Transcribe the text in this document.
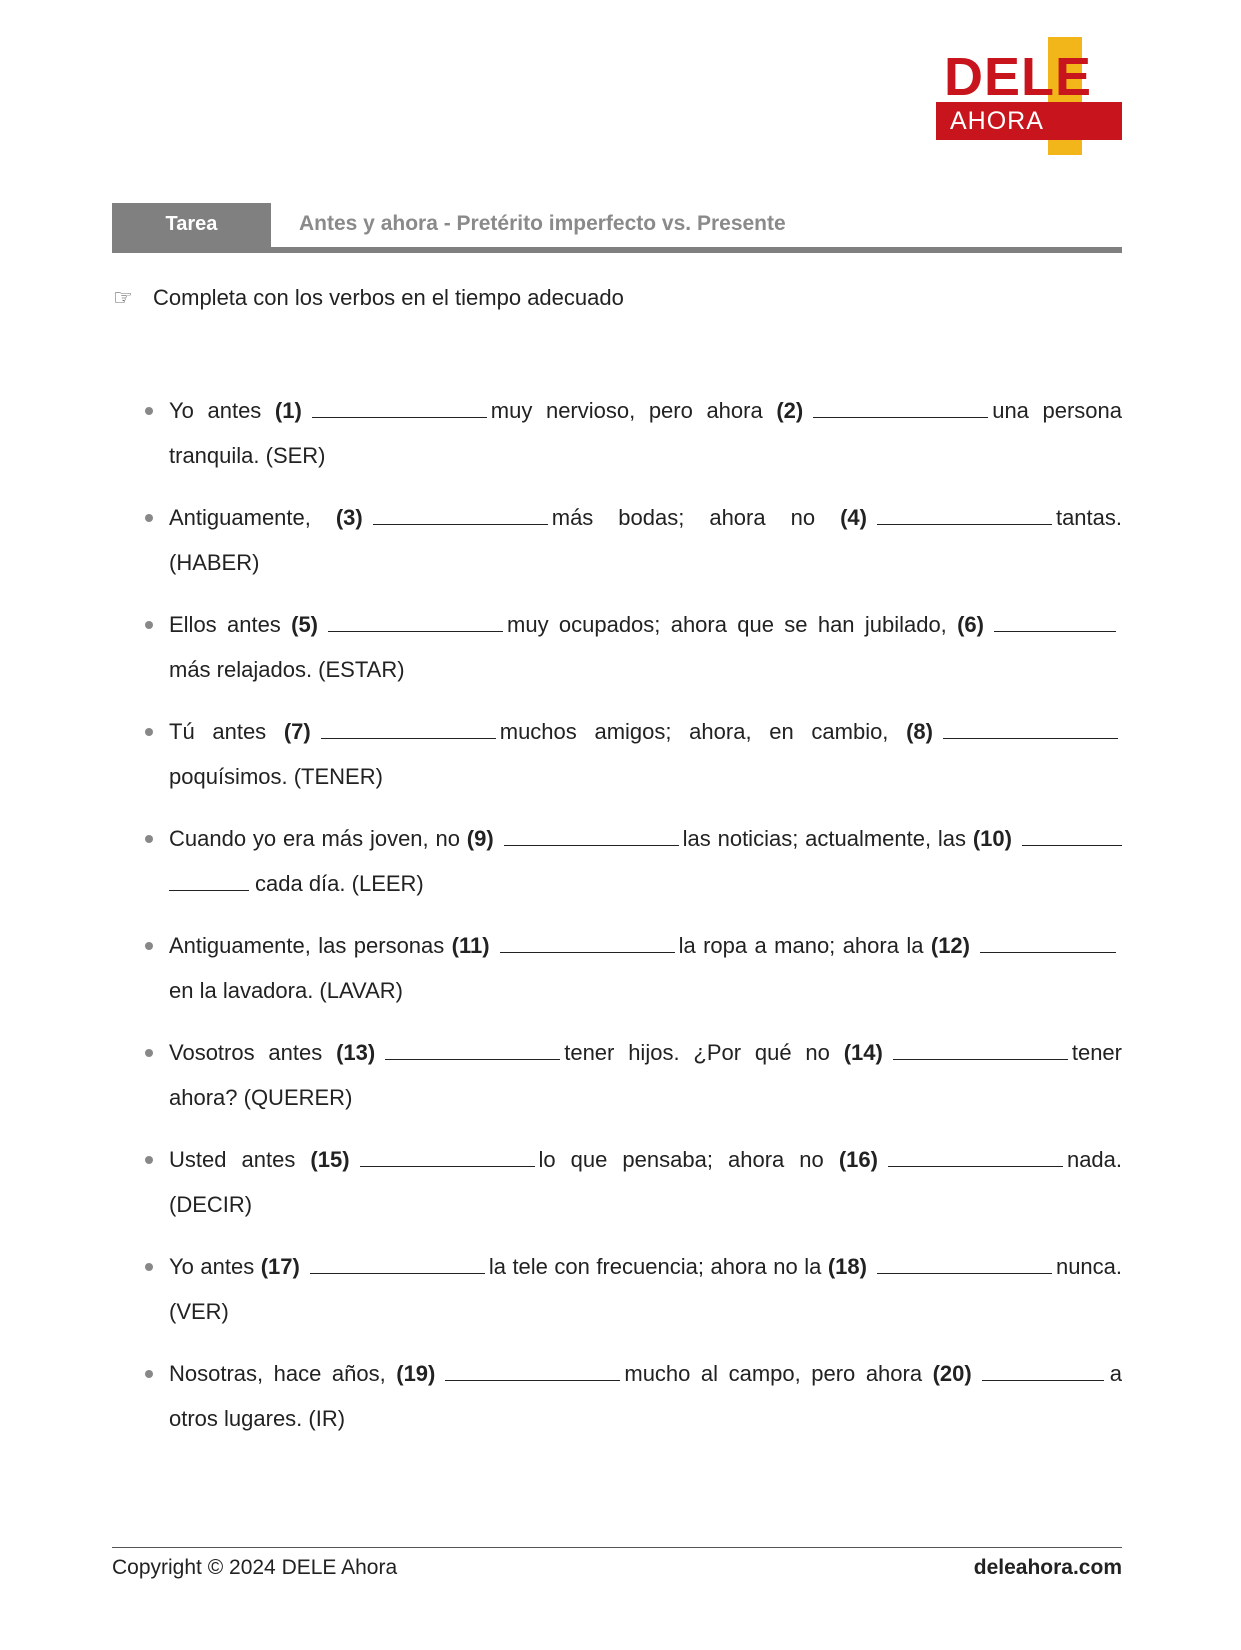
DELE
AHORA
Tarea	Antes y ahora - Pretérito imperfecto vs. Presente
☞ Completa con los verbos en el tiempo adecuado
Yo antes (1)	muy nervioso, pero ahora (2)	una persona tranquila. (SER)
Antiguamente, (3)	más bodas; ahora no (4)	tantas. (HABER)
Ellos antes (5)	muy ocupados; ahora que se han jubilado, (6)más relajados. (ESTAR)
Tú antes (7)	muchos amigos; ahora, en cambio, (8)poquísimos. (TENER)
Cuando yo era más joven, no (9)	las noticias; actualmente, las (10)cada día. (LEER)
Antiguamente, las personas (11)	la ropa a mano; ahora la (12)en la lavadora. (LAVAR)
Vosotros antes (13)	tener hijos. ¿Por qué no (14)	tener ahora? (QUERER)
Usted antes (15)	lo que pensaba; ahora no (16)	nada. (DECIR)
Yo antes (17)	la tele con frecuencia; ahora no la (18)	nunca. (VER)
Nosotras, hace años, (19)	mucho al campo, pero ahora (20)	a otros lugares. (IR)
Copyright © 2024 DELE Ahora	deleahora.com
